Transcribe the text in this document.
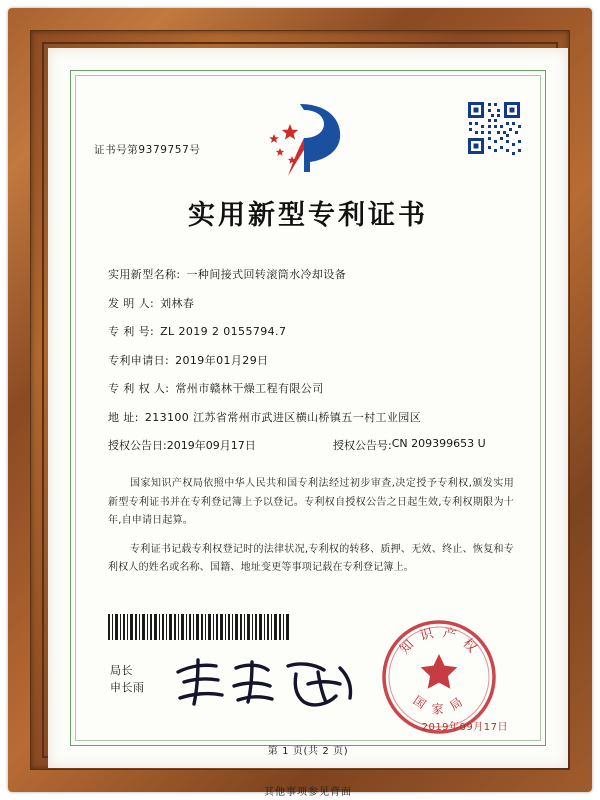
证书号第9379757号
实用新型专利证书
实用新型名称: 一种间接式回转滚筒水冷却设备
发 明 人: 刘林春
专 利 号: ZL 2019 2 0155794.7
专利申请日: 2019年01月29日
专 利 权 人: 常州市赣林干燥工程有限公司
地 址: 213100 江苏省常州市武进区横山桥镇五一村工业园区
授权公告日: 2019年09月17日	授权公告号: CN 209399653 U

国家知识产权局依照中华人民共和国专利法经过初步审查,决定授予专利权,颁发实用新型专利证书并在专利登记簿上予以登记。专利权自授权公告之日起生效,专利权期限为十年,自申请日起算。

专利证书记载专利权登记时的法律状况,专利权的转移、质押、无效、终止、恢复和专利权人的姓名或名称、国籍、地址变更等事项记载在专利登记簿上。

局长
申长雨
知 识 产 权
国 家 局
2019年09月17日
第 1 页(共 2 页)
其他事项参见背面
